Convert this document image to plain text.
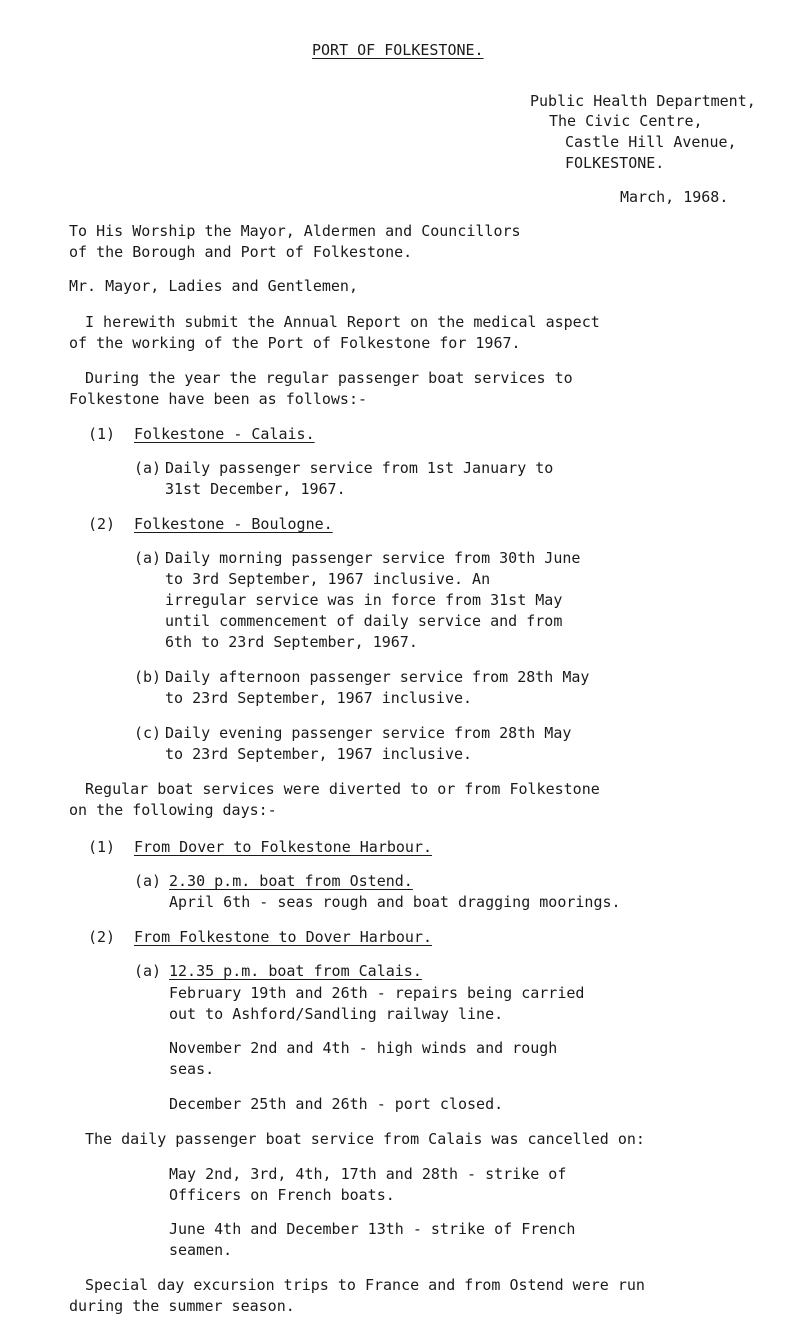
PORT OF FOLKESTONE.
Public Health Department,
The Civic Centre,
Castle Hill Avenue,
FOLKESTONE.
March, 1968.
To His Worship the Mayor, Aldermen and Councillors
of the Borough and Port of Folkestone.
Mr. Mayor, Ladies and Gentlemen,
I herewith submit the Annual Report on the medical aspect
of the working of the Port of Folkestone for 1967.
During the year the regular passenger boat services to
Folkestone have been as follows:-
(1) Folkestone - Calais.
(a) Daily passenger service from 1st January to
31st December, 1967.
(2) Folkestone - Boulogne.
(a) Daily morning passenger service from 30th June
to 3rd September, 1967 inclusive. An
irregular service was in force from 31st May
until commencement of daily service and from
6th to 23rd September, 1967.
(b) Daily afternoon passenger service from 28th May
to 23rd September, 1967 inclusive.
(c) Daily evening passenger service from 28th May
to 23rd September, 1967 inclusive.
Regular boat services were diverted to or from Folkestone
on the following days:-
(1) From Dover to Folkestone Harbour.
(a) 2.30 p.m. boat from Ostend.
April 6th - seas rough and boat dragging moorings.
(2) From Folkestone to Dover Harbour.
(a) 12.35 p.m. boat from Calais.
February 19th and 26th - repairs being carried
out to Ashford/Sandling railway line.
November 2nd and 4th - high winds and rough
seas.
December 25th and 26th - port closed.
The daily passenger boat service from Calais was cancelled on:
May 2nd, 3rd, 4th, 17th and 28th - strike of
Officers on French boats.
June 4th and December 13th - strike of French
seamen.
Special day excursion trips to France and from Ostend were run
during the summer season.
